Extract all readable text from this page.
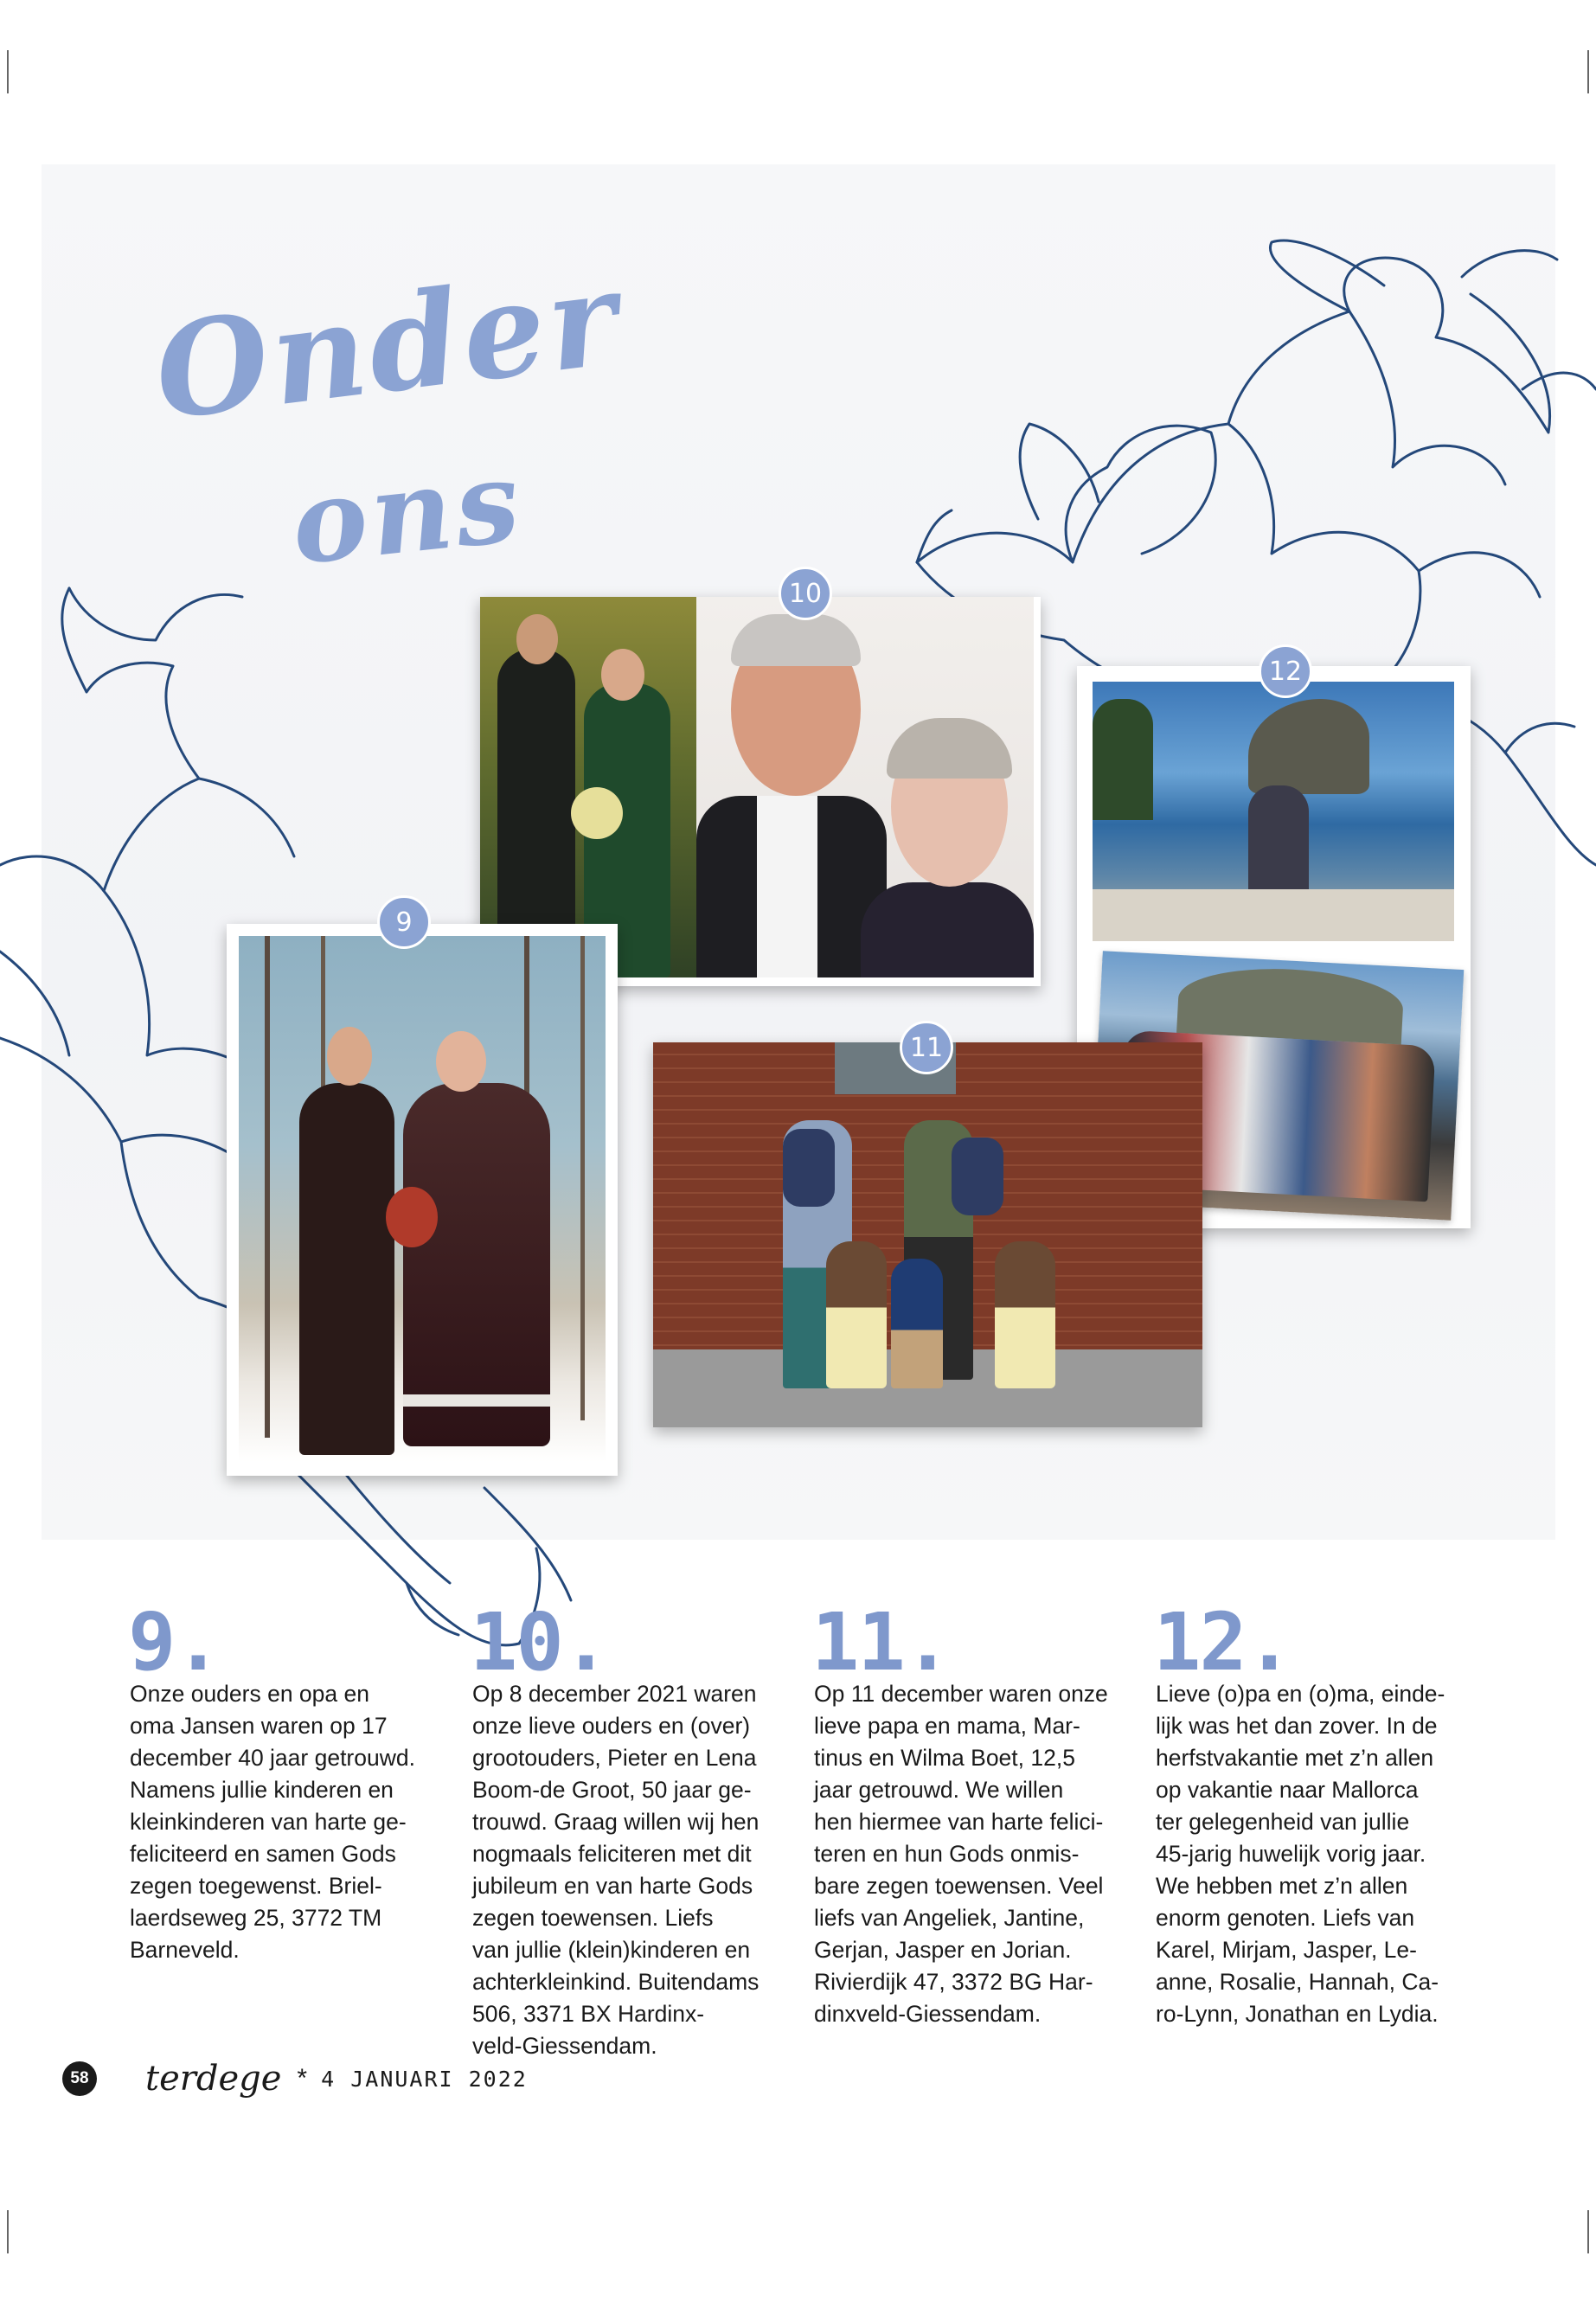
Onder
ons
10
12
11
9
9.
Onze ouders en opa en
oma Jansen waren op 17
december 40 jaar getrouwd.
Namens jullie kinderen en
kleinkinderen van harte ge-
feliciteerd en samen Gods
zegen toegewenst. Briel-
laerdseweg 25, 3772 TM
Barneveld.
10.
Op 8 december 2021 waren
onze lieve ouders en (over)
grootouders, Pieter en Lena
Boom-de Groot, 50 jaar ge-
trouwd. Graag willen wij hen
nogmaals feliciteren met dit
jubileum en van harte Gods
zegen toewensen. Liefs
van jullie (klein)kinderen en
achterkleinkind. Buitendams
506, 3371 BX Hardinx-
veld-Giessendam.
11.
Op 11 december waren onze
lieve papa en mama, Mar-
tinus en Wilma Boet, 12,5
jaar getrouwd. We willen
hen hiermee van harte felici-
teren en hun Gods onmis-
bare zegen toewensen. Veel
liefs van Angeliek, Jantine,
Gerjan, Jasper en Jorian.
Rivierdijk 47, 3372 BG Har-
dinxveld-Giessendam.
12.
Lieve (o)pa en (o)ma, einde-
lijk was het dan zover. In de
herfstvakantie met z’n allen
op vakantie naar Mallorca
ter gelegenheid van jullie
45-jarig huwelijk vorig jaar.
We hebben met z’n allen
enorm genoten. Liefs van
Karel, Mirjam, Jasper, Le-
anne, Rosalie, Hannah, Ca-
ro-Lynn, Jonathan en Lydia.
58 terdege * 4 JANUARI 2022
